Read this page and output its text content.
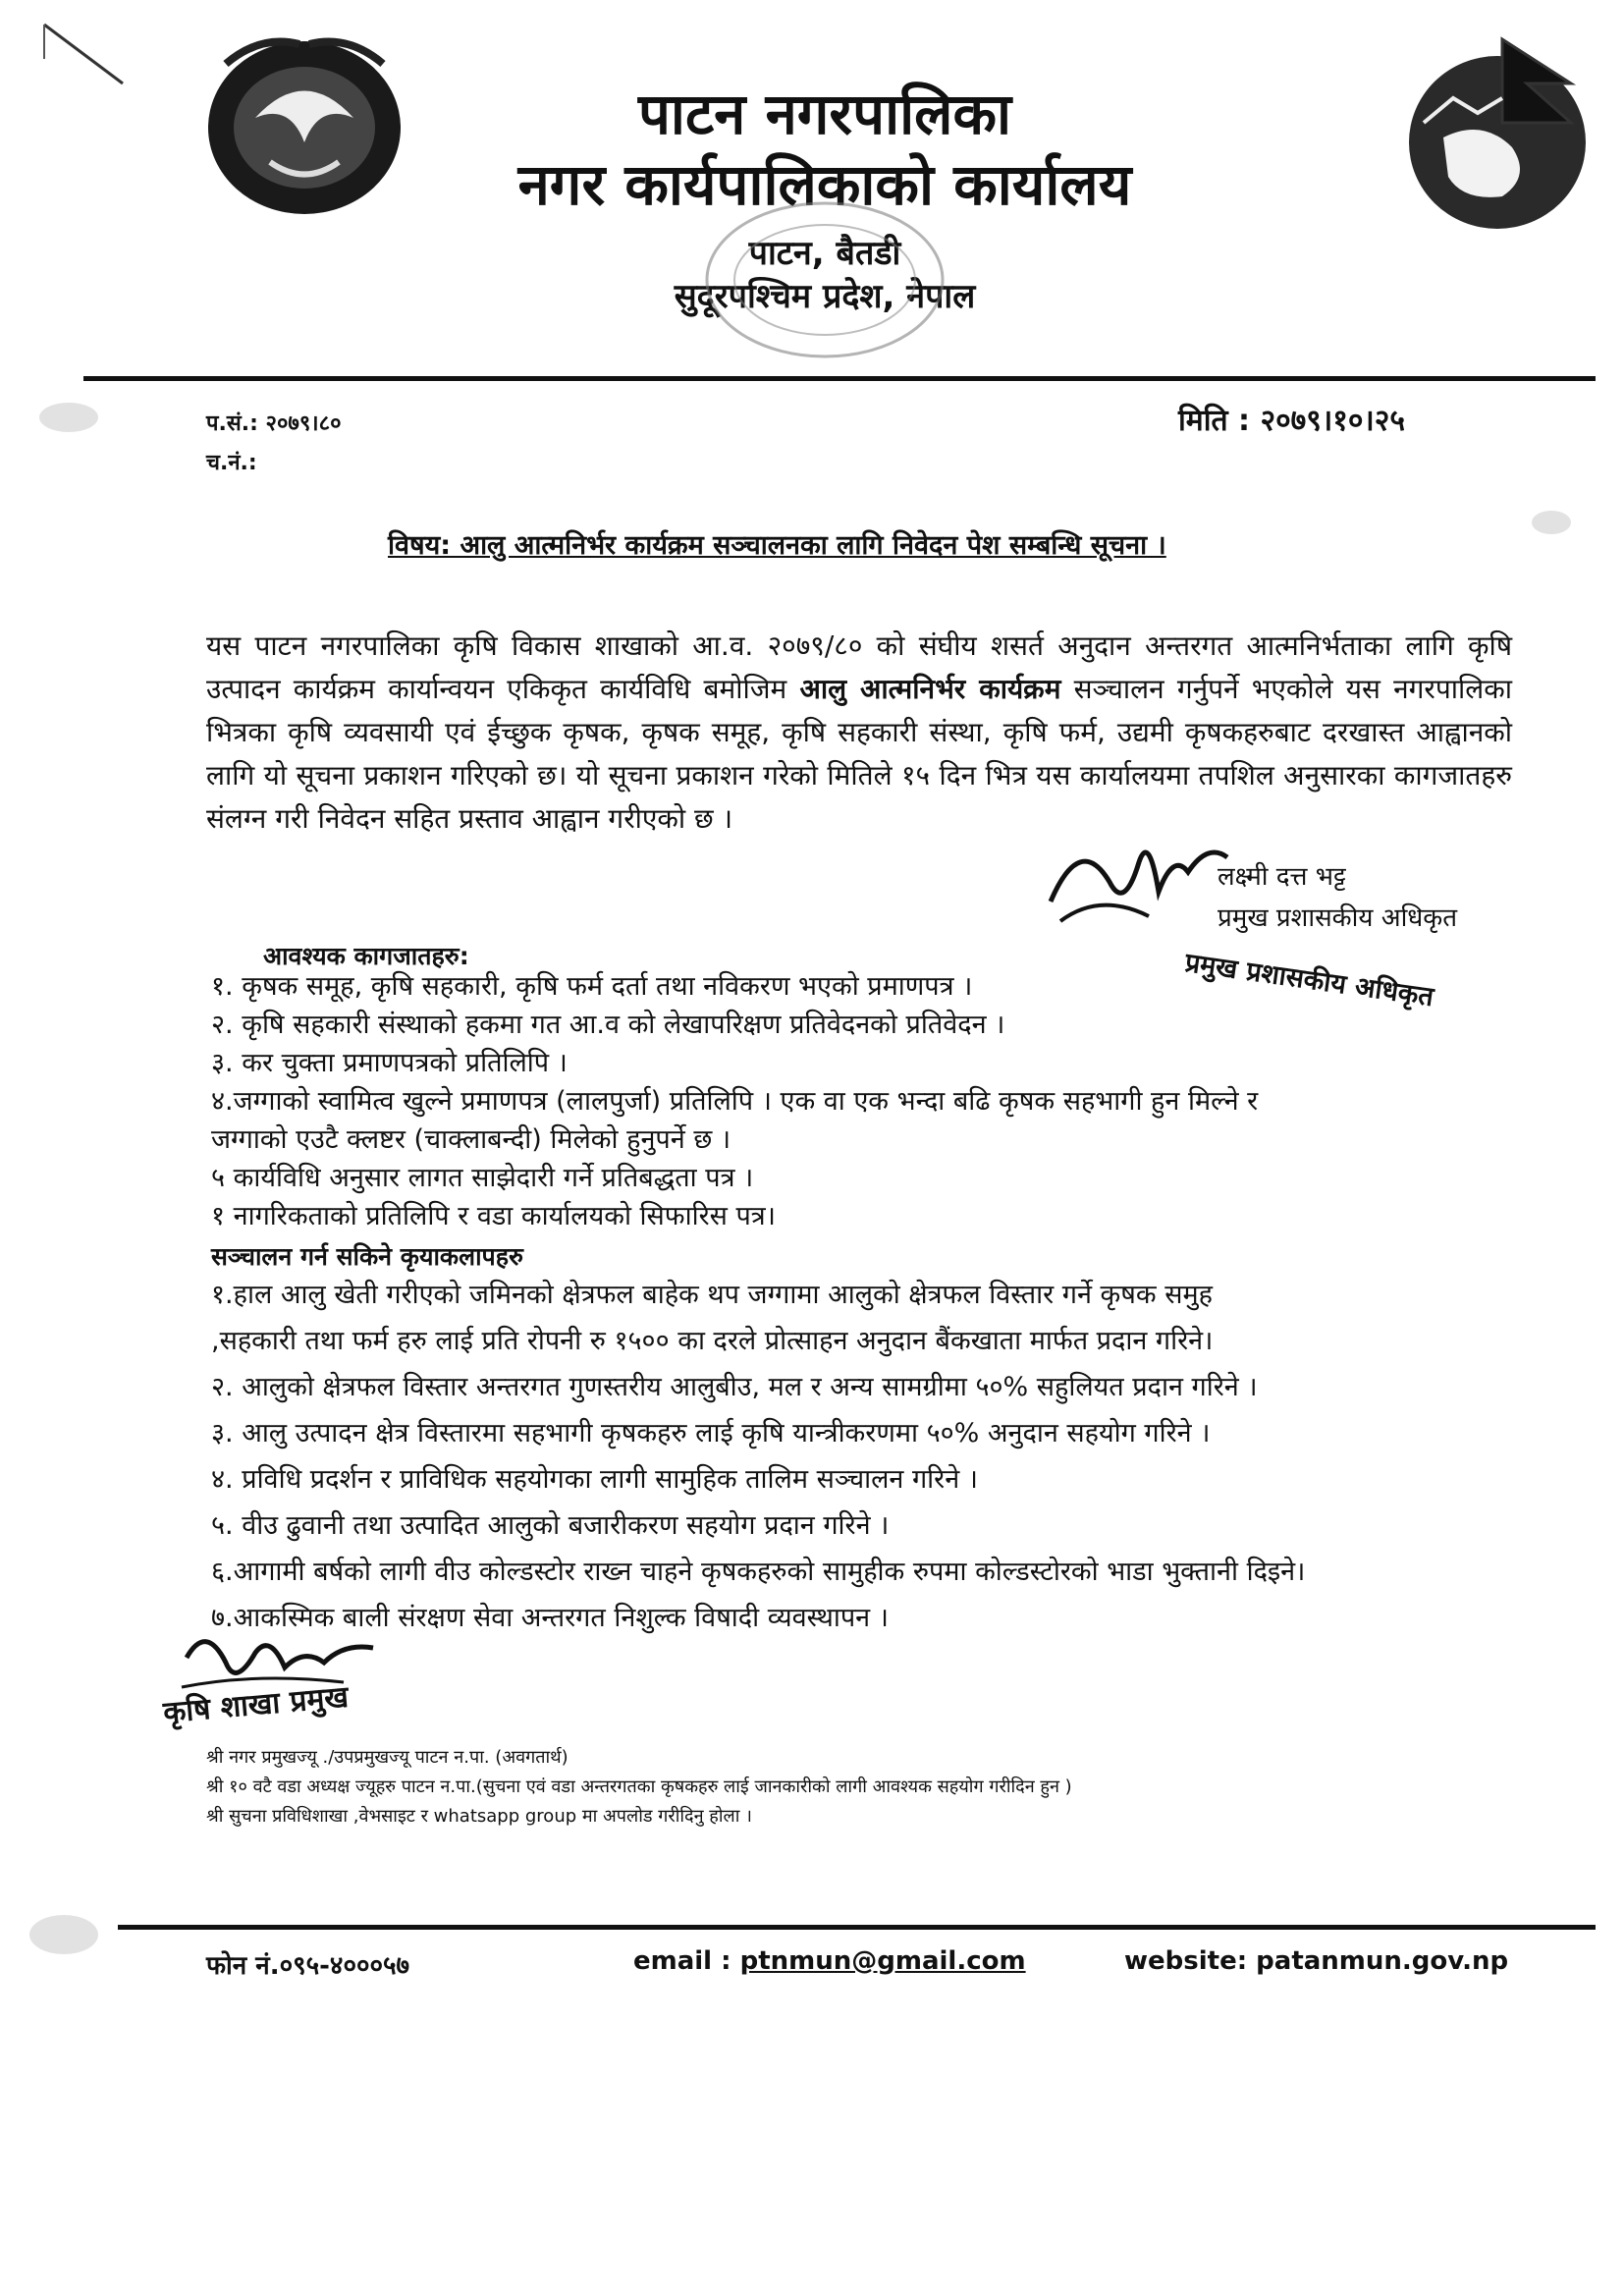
पाटन नगरपालिका

नगर कार्यपालिकाको कार्यालय

पाटन, बैतडी
सुदूरपश्चिम प्रदेश, नेपाल
प.सं.: २०७९।८०
च.नं.:
मिति : २०७९।१०।२५
विषय: आलु आत्मनिर्भर कार्यक्रम सञ्चालनका लागि निवेदन पेश सम्बन्धि सूचना ।

यस पाटन नगरपालिका कृषि विकास शाखाको आ.व. २०७९/८० को संघीय शसर्त अनुदान अन्तरगत आत्मनिर्भताका लागि कृषि उत्पादन कार्यक्रम कार्यान्वयन एकिकृत कार्यविधि बमोजिम आलु आत्मनिर्भर कार्यक्रम सञ्चालन गर्नुपर्ने भएकोले यस नगरपालिका भित्रका कृषि व्यवसायी एवं ईच्छुक कृषक, कृषक समूह, कृषि सहकारी संस्था, कृषि फर्म, उद्यमी कृषकहरुबाट दरखास्त आह्वानको लागि यो सूचना प्रकाशन गरिएको छ। यो सूचना प्रकाशन गरेको मितिले १५ दिन भित्र यस कार्यालयमा तपशिल अनुसारका कागजातहरु संलग्न गरी निवेदन सहित प्रस्ताव आह्वान गरीएको छ ।

लक्ष्मी दत्त भट्ट
प्रमुख प्रशासकीय अधिकृत
प्रमुख प्रशासकीय अधिकृत
आवश्यक कागजातहरु:
१. कृषक समूह, कृषि सहकारी, कृषि फर्म दर्ता तथा नविकरण भएको प्रमाणपत्र ।
२. कृषि सहकारी संस्थाको हकमा गत आ.व को लेखापरिक्षण प्रतिवेदनको प्रतिवेदन ।
३. कर चुक्ता प्रमाणपत्रको प्रतिलिपि ।
४.जग्गाको स्वामित्व खुल्ने प्रमाणपत्र (लालपुर्जा) प्रतिलिपि । एक वा एक भन्दा बढि कृषक सहभागी हुन मिल्ने र
जग्गाको एउटै क्लष्टर (चाक्लाबन्दी) मिलेको हुनुपर्ने छ ।
५ कार्यविधि अनुसार लागत साझेदारी गर्ने प्रतिबद्धता पत्र ।
१ नागरिकताको प्रतिलिपि र वडा कार्यालयको सिफारिस पत्र।
सञ्चालन गर्न सकिने कृयाकलापहरु
१.हाल आलु खेती गरीएको जमिनको क्षेत्रफल बाहेक थप जग्गामा आलुको क्षेत्रफल विस्तार गर्ने कृषक समुह
,सहकारी तथा फर्म हरु लाई प्रति रोपनी रु १५०० का दरले प्रोत्साहन अनुदान बैंकखाता मार्फत प्रदान गरिने।
२. आलुको क्षेत्रफल विस्तार अन्तरगत गुणस्तरीय आलुबीउ, मल र अन्य सामग्रीमा ५०% सहुलियत प्रदान गरिने ।
३. आलु उत्पादन क्षेत्र विस्तारमा सहभागी कृषकहरु लाई कृषि यान्त्रीकरणमा ५०% अनुदान सहयोग गरिने ।
४. प्रविधि प्रदर्शन र प्राविधिक सहयोगका लागी सामुहिक तालिम सञ्चालन गरिने ।
५. वीउ ढुवानी तथा उत्पादित आलुको बजारीकरण सहयोग प्रदान गरिने ।
६.आगामी बर्षको लागी वीउ कोल्डस्टोर राख्न चाहने कृषकहरुको सामुहीक रुपमा कोल्डस्टोरको भाडा भुक्तानी दिइने।
७.आकस्मिक बाली संरक्षण सेवा अन्तरगत निशुल्क विषादी व्यवस्थापन ।
कृषि शाखा प्रमुख
श्री नगर प्रमुखज्यू ./उपप्रमुखज्यू पाटन न.पा. (अवगतार्थ)
श्री १० वटै वडा अध्यक्ष ज्यूहरु पाटन न.पा.(सुचना एवं वडा अन्तरगतका कृषकहरु लाई जानकारीको लागी आवश्यक सहयोग गरीदिन हुन )
श्री सुचना प्रविधिशाखा ,वेभसाइट र whatsapp group मा अपलोड गरीदिनु होला ।
फोन नं.०९५-४०००५७	email : ptnmun@gmail.com	website: patanmun.gov.np
